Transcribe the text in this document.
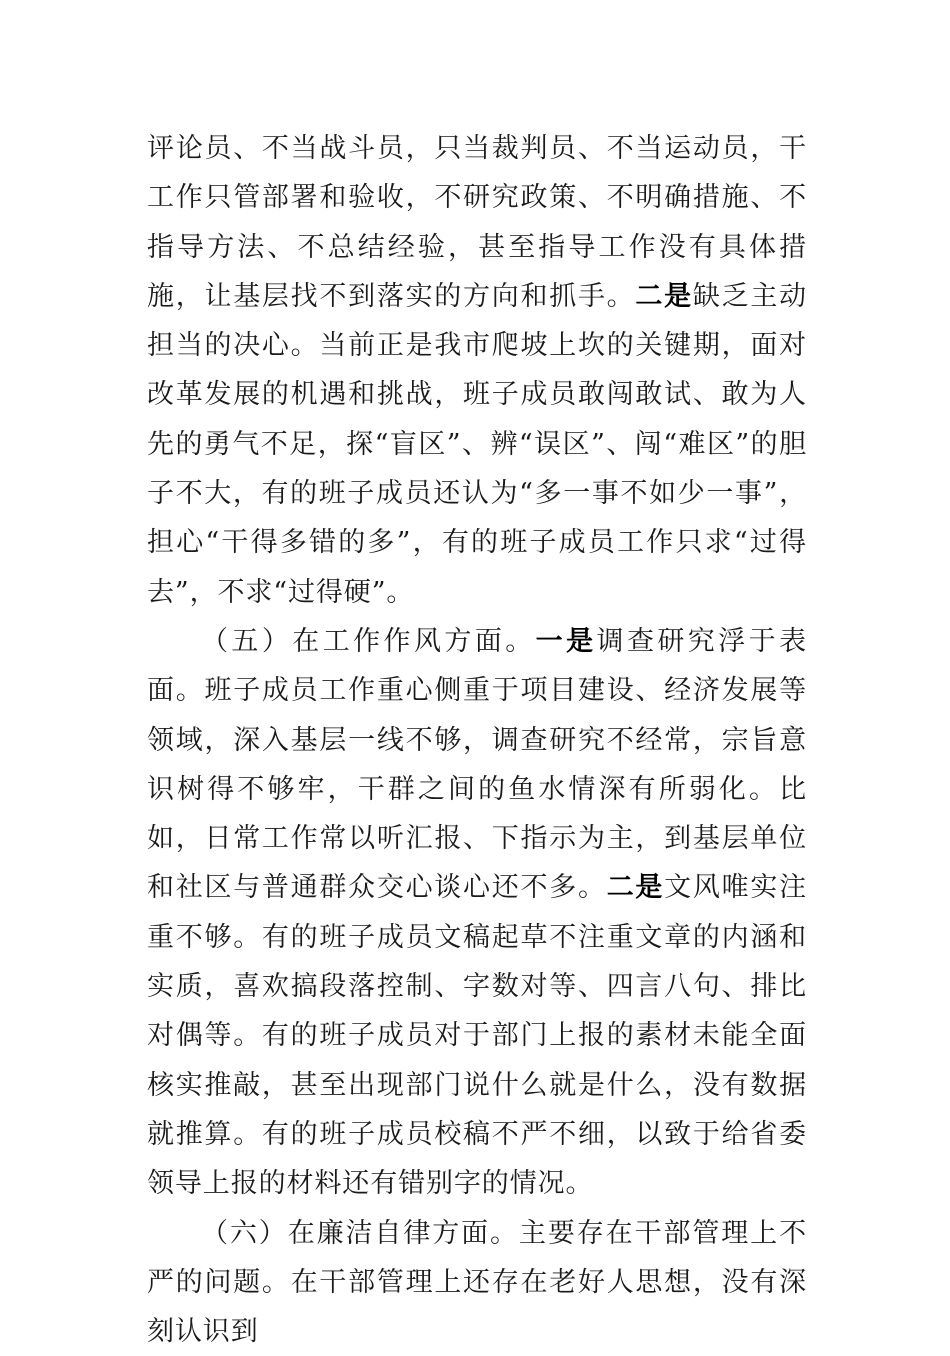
评论员、不当战斗员，只当裁判员、不当运动员，干工作只管部署和验收，不研究政策、不明确措施、不指导方法、不总结经验，甚至指导工作没有具体措施，让基层找不到落实的方向和抓手。二是缺乏主动担当的决心。当前正是我市爬坡上坎的关键期，面对改革发展的机遇和挑战，班子成员敢闯敢试、敢为人先的勇气不足，探“盲区”、辨“误区”、闯“难区”的胆子不大，有的班子成员还认为“多一事不如少一事”，担心“干得多错的多”，有的班子成员工作只求“过得去”，不求“过得硬”。

（五）在工作作风方面。一是调查研究浮于表面。班子成员工作重心侧重于项目建设、经济发展等领域，深入基层一线不够，调查研究不经常，宗旨意识树得不够牢，干群之间的鱼水情深有所弱化。比如，日常工作常以听汇报、下指示为主，到基层单位和社区与普通群众交心谈心还不多。二是文风唯实注重不够。有的班子成员文稿起草不注重文章的内涵和实质，喜欢搞段落控制、字数对等、四言八句、排比对偶等。有的班子成员对于部门上报的素材未能全面核实推敲，甚至出现部门说什么就是什么，没有数据就推算。有的班子成员校稿不严不细，以致于给省委领导上报的材料还有错别字的情况。

（六）在廉洁自律方面。主要存在干部管理上不严的问题。在干部管理上还存在老好人思想，没有深刻认识到
